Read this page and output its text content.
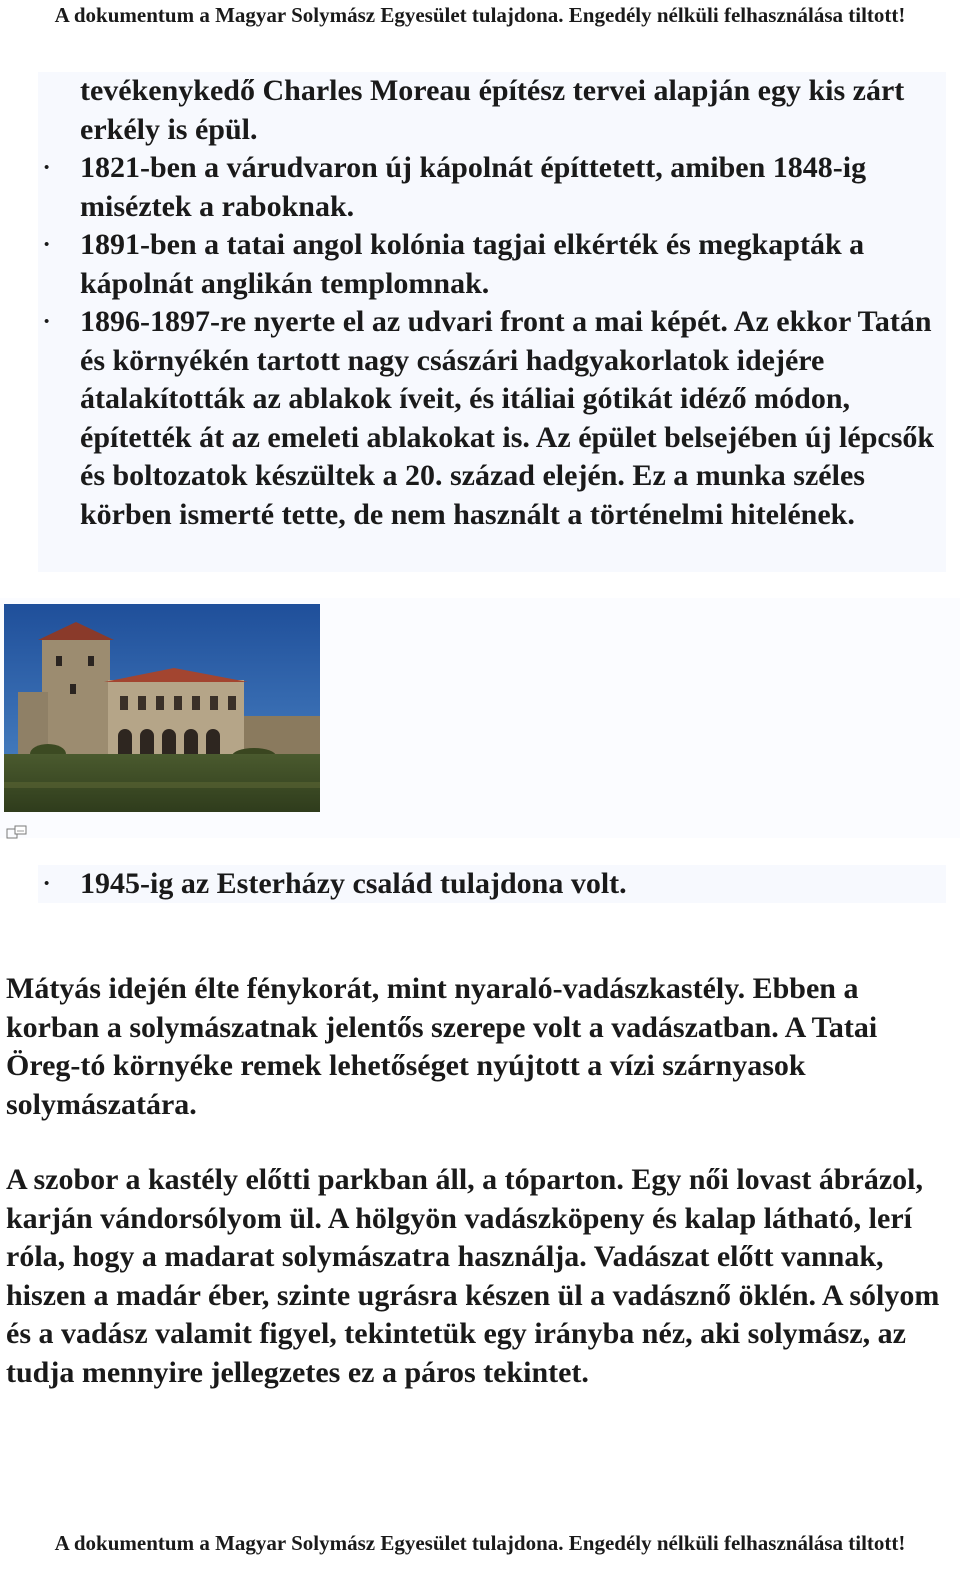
A dokumentum a Magyar Solymász Egyesület tulajdona. Engedély nélküli felhasználása tiltott!
tevékenykedő Charles Moreau építész tervei alapján egy kis zárt erkély is épül.
• 1821-ben a várudvaron új kápolnát építtetett, amiben 1848-ig miséztek a raboknak.
• 1891-ben a tatai angol kolónia tagjai elkérték és megkapták a kápolnát anglikán templomnak.
• 1896-1897-re nyerte el az udvari front a mai képét. Az ekkor Tatán és környékén tartott nagy császári hadgyakorlatok idejére átalakították az ablakok íveit, és itáliai gótikát idéző módon, építették át az emeleti ablakokat is. Az épület belsejében új lépcsők és boltozatok készültek a 20. század elején. Ez a munka széles körben ismerté tette, de nem használt a történelmi hitelének.
• 1945-ig az Esterházy család tulajdona volt.

Mátyás idején élte fénykorát, mint nyaraló-vadászkastély. Ebben a korban a solymászatnak jelentős szerepe volt a vadászatban. A Tatai Öreg-tó környéke remek lehetőséget nyújtott a vízi szárnyasok solymászatára.

A szobor a kastély előtti parkban áll, a tóparton. Egy női lovast ábrázol, karján vándorsólyom ül. A hölgyön vadászköpeny és kalap látható, lerí róla, hogy a madarat solymászatra használja. Vadászat előtt vannak, hiszen a madár éber, szinte ugrásra készen ül a vadásznő öklén. A sólyom és a vadász valamit figyel, tekintetük egy irányba néz, aki solymász, az tudja mennyire jellegzetes ez a páros tekintet.

A dokumentum a Magyar Solymász Egyesület tulajdona. Engedély nélküli felhasználása tiltott!
